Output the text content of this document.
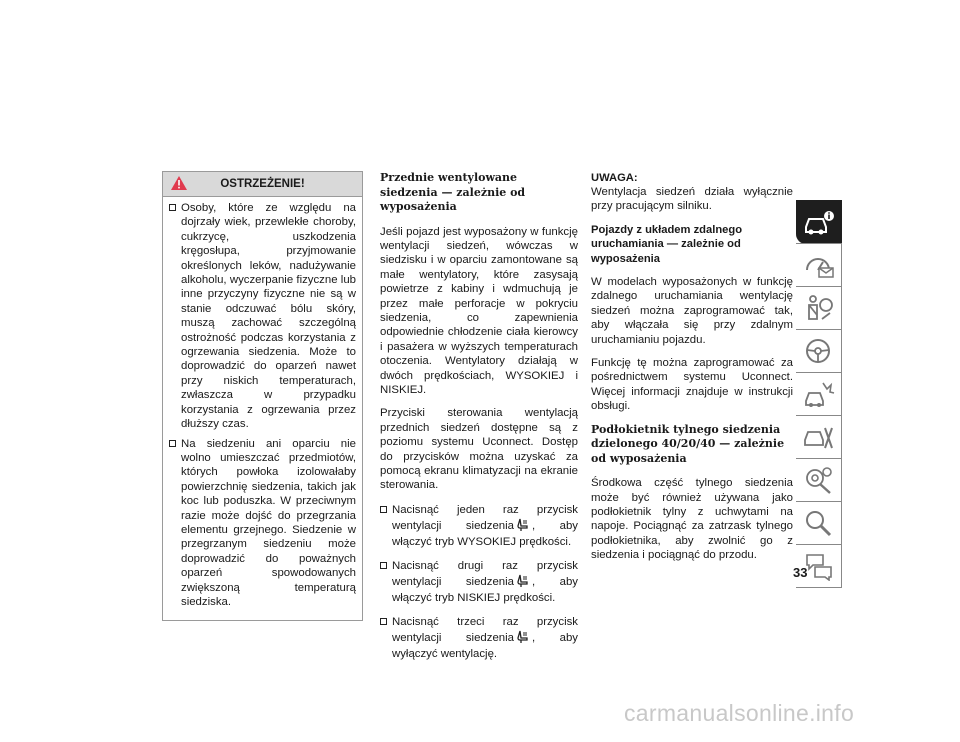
OSTRZEŻENIE!
Osoby, które ze względu na dojrzały wiek, przewlekłe choroby, cukrzycę, uszkodzenia kręgosłupa, przyjmowanie określonych leków, nadużywanie alkoholu, wyczerpanie fizyczne lub inne przyczyny fizyczne nie są w stanie odczuwać bólu skóry, muszą zachować szczególną ostrożność podczas korzystania z ogrzewania siedzenia. Może to doprowadzić do oparzeń nawet przy niskich temperaturach, zwłaszcza w przypadku korzystania z ogrzewania przez dłuższy czas.
Na siedzeniu ani oparciu nie wolno umieszczać przedmiotów, których powłoka izolowałaby powierzchnię siedzenia, takich jak koc lub poduszka. W przeciwnym razie może dojść do przegrzania elementu grzejnego. Siedzenie w przegrzanym siedzeniu może doprowadzić do poważnych oparzeń spowodowanych zwiększoną temperaturą siedziska.
Przednie wentylowane siedzenia — zależnie od wyposażenia

Jeśli pojazd jest wyposażony w funkcję wentylacji siedzeń, wówczas w siedzisku i w oparciu zamontowane są małe wentylatory, które zasysają powietrze z kabiny i wdmuchują je przez małe perforacje w pokryciu siedzenia, co zapewnienia odpowiednie chłodzenie ciała kierowcy i pasażera w wyższych temperaturach otoczenia. Wentylatory działają w dwóch prędkościach, WYSOKIEJ i NISKIEJ.

Przyciski sterowania wentylacją przednich siedzeń dostępne są z poziomu systemu Uconnect. Dostęp do przycisków można uzyskać za pomocą ekranu klimatyzacji na ekranie sterowania.

Nacisnąć jeden raz przycisk wentylacji siedzenia , aby włączyć tryb WYSOKIEJ prędkości.
Nacisnąć drugi raz przycisk wentylacji siedzenia , aby włączyć tryb NISKIEJ prędkości.
Nacisnąć trzeci raz przycisk wentylacji siedzenia , aby wyłączyć wentylację.
UWAGA:

Wentylacja siedzeń działa wyłącznie przy pracującym silniku.

Pojazdy z układem zdalnego uruchamiania — zależnie od wyposażenia

W modelach wyposażonych w funkcję zdalnego uruchamiania wentylację siedzeń można zaprogramować tak, aby włączała się przy zdalnym uruchamianiu pojazdu.

Funkcję tę można zaprogramować za pośrednictwem systemu Uconnect. Więcej informacji znajduje w instrukcji obsługi.

Podłokietnik tylnego siedzenia dzielonego 40/20/40 — zależnie od wyposażenia

Środkowa część tylnego siedzenia może być również używana jako podłokietnik tylny z uchwytami na napoje. Pociągnąć za zatrzask tylnego podłokietnika, aby zwolnić go z siedzenia i pociągnąć do przodu.

33
carmanualsonline.info
